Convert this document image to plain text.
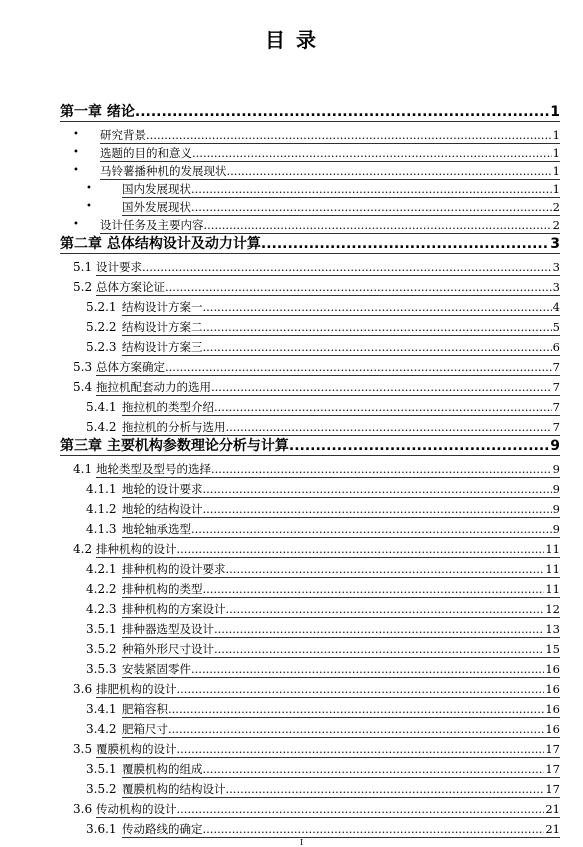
目 录
第一章 绪论 .....	1
• 研究背景 .....	1
• 选题的目的和意义 .....	1
• 马铃薯播种机的发展现状 .....	1
•	国内发展现状 .....	1
•	国外发展现状 .....	2
• 设计任务及主要内容 .....	2
第二章 总体结构设计及动力计算 .....	3
5.1 设计要求 .....	3
5.2 总体方案论证 .....	3
5.2.1 结构设计方案一 .....	4
5.2.2 结构设计方案二 .....	5
5.2.3 结构设计方案三 .....	6
5.3 总体方案确定 .....	7
5.4 拖拉机配套动力的选用 .....	7
5.4.1 拖拉机的类型介绍 .....	7
5.4.2 拖拉机的分析与选用 .....	7
第三章 主要机构参数理论分析与计算 .....	9
4.1 地轮类型及型号的选择 .....	9
4.1.1 地轮的设计要求 .....	9
4.1.2 地轮的结构设计 .....	9
4.1.3 地轮轴承选型 .....	9
4.2 排种机构的设计 .....	11
4.2.1 排种机构的设计要求 .....	11
4.2.2 排种机构的类型 .....	11
4.2.3 排种机构的方案设计 .....	12
3.5.1 排种器选型及设计 .....	13
3.5.2 种箱外形尺寸设计 .....	15
3.5.3 安装紧固零件 .....	16
3.6 排肥机构的设计 .....	16
3.4.1 肥箱容积 .....	16
3.4.2 肥箱尺寸 .....	16
3.5 覆膜机构的设计 .....	17
3.5.1 覆膜机构的组成 .....	17
3.5.2 覆膜机构的结构设计 .....	17
3.6 传动机构的设计 .....	21
3.6.1 传动路线的确定 .....	21
I
